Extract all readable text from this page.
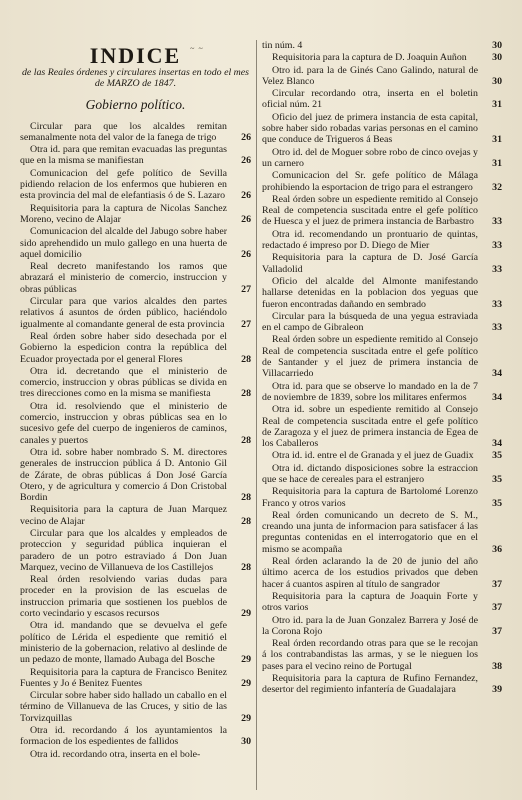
~ ~
INDICE
de las Reales órdenes y circulares insertas en todo el mes de MARZO de 1847.
Gobierno político.
Circular para que los alcaldes remitan semanalmente nota del valor de la fanega de trigo	26
Otra id. para que remitan evacuadas las preguntas que en la misma se manifiestan	26
Comunicacion del gefe político de Sevilla pidiendo relacion de los enfermos que hubieren en esta provincia del mal de elefantiasis ó de S. Lazaro 26
Requisitoria para la captura de Nicolas Sanchez Moreno, vecino de Alajar	26
Comunicacion del alcalde del Jabugo sobre haber sido aprehendido un mulo gallego en una huerta de aquel domicilio	26
Real decreto manifestando los ramos que abrazará el ministerio de comercio, instruccion y obras públicas	27
Circular para que varios alcaldes den partes relativos á asuntos de órden público, haciéndolo igualmente al comandante general de esta provincia 27
Real órden sobre haber sido desechada por el Gobierno la espedicion contra la república del Ecuador proyectada por el general Flores	28
Otra id. decretando que el ministerio de comercio, instruccion y obras públicas se divida en tres direcciones como en la misma se manifiesta	28
Otra id. resolviendo que el ministerio de comercio, instruccion y obras públicas sea en lo sucesivo gefe del cuerpo de ingenieros de caminos, canales y puertos	28
Otra id. sobre haber nombrado S. M. directores generales de instruccion pública á D. Antonio Gil de Zárate, de obras públicas á Don José García Otero, y de agricultura y comercio á Don Cristobal Bordin	28
Requisitoria para la captura de Juan Marquez vecino de Alajar	28
Circular para que los alcaldes y empleados de proteccion y seguridad pública inquieran el paradero de un potro estraviado á Don Juan Marquez, vecino de Villanueva de los Castillejos	28
Real órden resolviendo varias dudas para proceder en la provision de las escuelas de instruccion primaria que sostienen los pueblos de corto vecindario y escasos recursos	29
Otra id. mandando que se devuelva el gefe político de Lérida el espediente que remitió el ministerio de la gobernacion, relativo al deslinde de un pedazo de monte, llamado Aubaga del Bosche	29
Requisitoria para la captura de Francisco Benitez Fuentes y Jo é Benitez Fuentes	29
Circular sobre haber sido hallado un caballo en el término de Villanueva de las Cruces, y sitio de las Torvizquillas	29
Otra id. recordando á los ayuntamientos la formacion de los espedientes de fallidos	30
Otra id. recordando otra, inserta en el bole-
tin núm. 4	30
Requisitoria para la captura de D. Joaquin Auñon	30
Otro id. para la de Ginés Cano Galindo, natural de Velez Blanco	30
Circular recordando otra, inserta en el boletin oficial núm. 21	31
Oficio del juez de primera instancia de esta capital, sobre haber sido robadas varias personas en el camino que conduce de Trigueros á Beas	31
Otro id. del de Moguer sobre robo de cinco ovejas y un carnero	31
Comunicacion del Sr. gefe político de Málaga prohibiendo la esportacion de trigo para el estrangero	32
Real órden sobre un espediente remitido al Consejo Real de competencia suscitada entre el gefe político de Huesca y el juez de primera instancia de Barbastro	33
Otra id. recomendando un prontuario de quintas, redactado é impreso por D. Diego de Mier	33
Requisitoria para la captura de D. José García Valladolid	33
Oficio del alcalde del Almonte manifestando hallarse detenidas en la poblacion dos yeguas que fueron encontradas dañando en sembrado	33
Circular para la búsqueda de una yegua estraviada en el campo de Gibraleon	33
Real órden sobre un espediente remitido al Consejo Real de competencia suscitada entre el gefe político de Santander y el juez de primera instancia de Villacarriedo	34
Otra id. para que se observe lo mandado en la de 7 de noviembre de 1839, sobre los militares enfermos	34
Otra id. sobre un espediente remitido al Consejo Real de competencia suscitada entre el gefe político de Zaragoza y el juez de primera instancia de Egea de los Caballeros	34
Otra id. id. entre el de Granada y el juez de Guadix	35
Otra id. dictando disposiciones sobre la estraccion que se hace de cereales para el estranjero	35
Requisitoria para la captura de Bartolomé Lorenzo Franco y otros varios	35
Real órden comunicando un decreto de S. M., creando una junta de informacion para satisfacer á las preguntas contenidas en el interrogatorio que en el mismo se acompaña	36
Real órden aclarando la de 20 de junio del año último acerca de los estudios privados que deben hacer á cuantos aspiren al título de sangrador	37
Requisitoria para la captura de Joaquin Forte y otros varios	37
Otro id. para la de Juan Gonzalez Barrera y José de la Corona Rojo	37
Real órden recordando otras para que se le recojan á los contrabandistas las armas, y se le nieguen los pases para el vecino reino de Portugal	38
Requisitoria para la captura de Rufino Fernandez, desertor del regimiento infantería de Guadalajara	39
